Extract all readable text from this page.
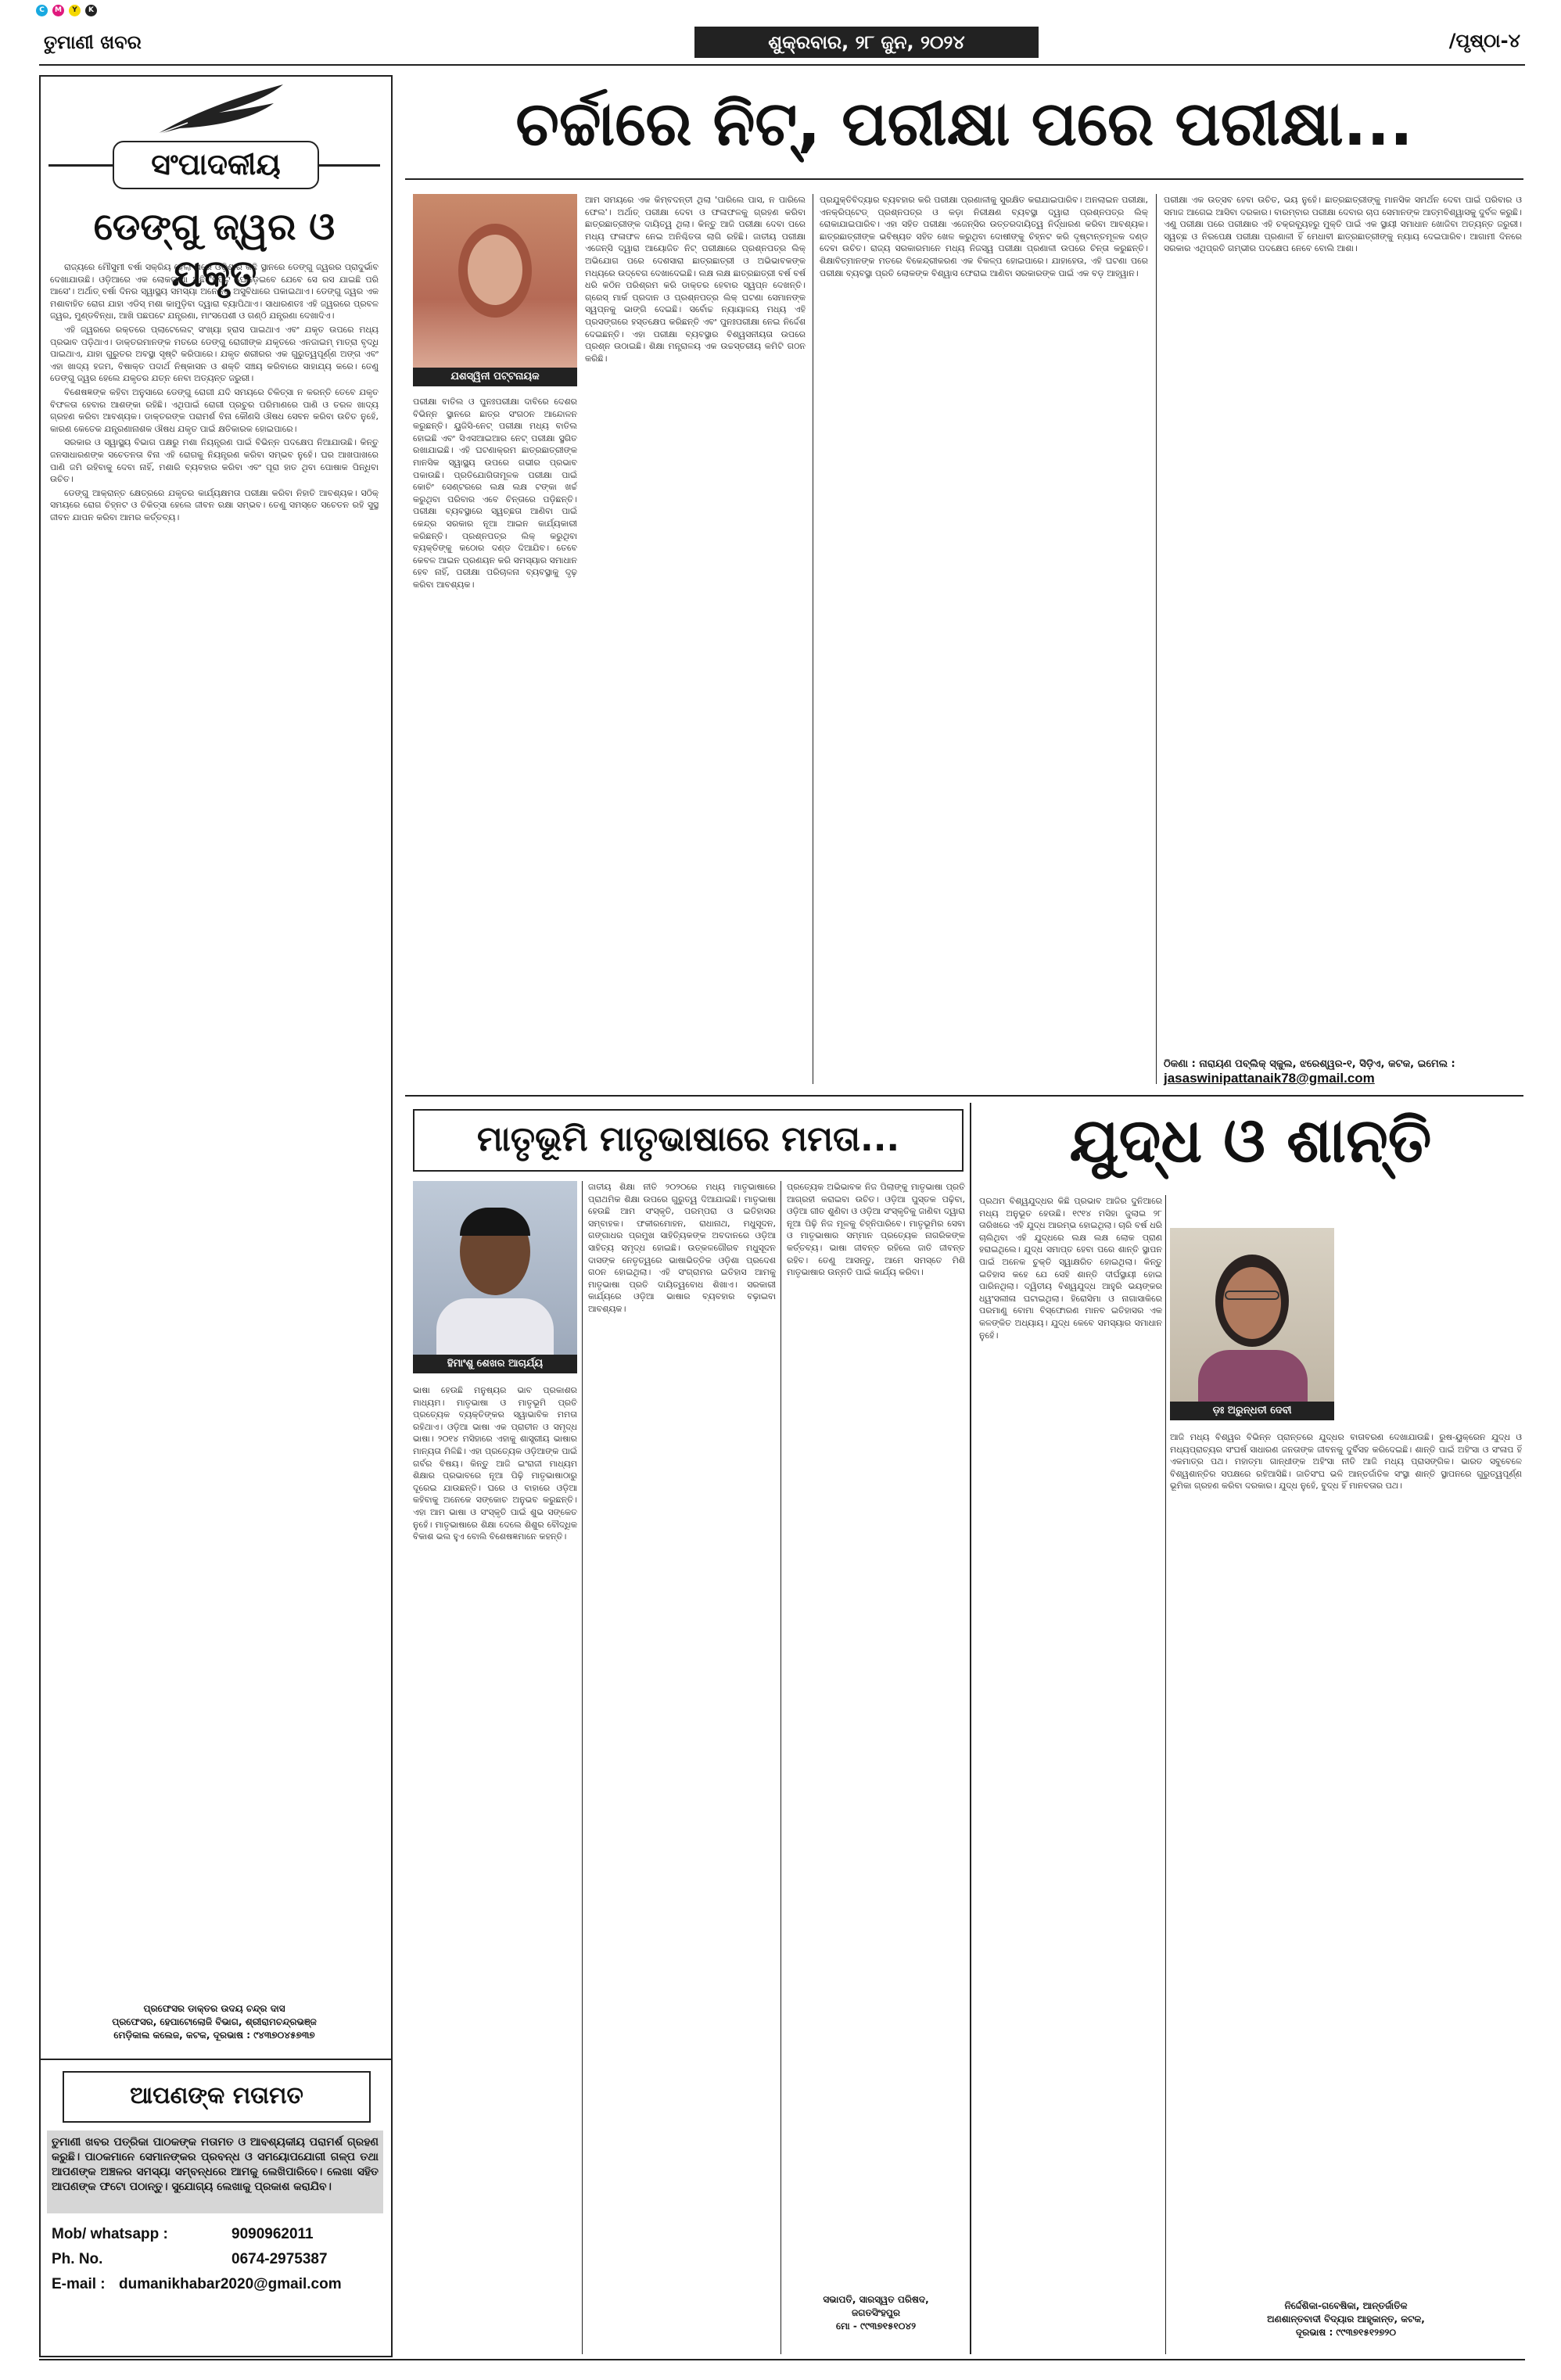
C	M	Y	K
ତୁମାଣୀ ଖବର	ଶୁକ୍ରବାର, ୨୮ ଜୁନ, ୨୦୨୪	/ପୃଷ୍ଠା-୪
ସଂପାଦକୀୟ
ଡେଙ୍ଗୁ ଜ୍ୱର ଓ ଯକୃତ

ରାଜ୍ୟରେ ମୌସୁମୀ ବର୍ଷା ସକ୍ରିୟ ହେଲା ପରେ ଓଡ଼ିଶାର କିଛି ସ୍ଥାନରେ ଡେଙ୍ଗୁ ଜ୍ୱରର ପ୍ରାଦୁର୍ଭାବ ଦେଖାଯାଉଛି। ଓଡ଼ିଆରେ ଏକ ଲୋକଗାଥା ଅଛି 'ନିପଟ ଘୋଡ଼େଇବେ ଯେବେ ସେ ରସ ଯାଇଛି ପରି ଆସେ'। ଅର୍ଥାତ୍ ବର୍ଷା ଦିନର ସ୍ୱାସ୍ଥ୍ୟ ସମସ୍ୟା ଅନେକକୁ ଅସୁବିଧାରେ ପକାଇଥାଏ। ଡେଙ୍ଗୁ ଜ୍ୱର ଏକ ମଶାବାହିତ ରୋଗ ଯାହା ଏଡିସ୍ ମଶା କାମୁଡ଼ିବା ଦ୍ୱାରା ବ୍ୟାପିଥାଏ। ସାଧାରଣତଃ ଏହି ଜ୍ୱରରେ ପ୍ରବଳ ଜ୍ୱର, ମୁଣ୍ଡବିନ୍ଧା, ଆଖି ପଛପଟେ ଯନ୍ତ୍ରଣା, ମାଂସପେଶୀ ଓ ଗଣ୍ଠି ଯନ୍ତ୍ରଣା ଦେଖାଦିଏ।

ଏହି ଜ୍ୱରରେ ରକ୍ତରେ ପ୍ଲାଟେଲେଟ୍ ସଂଖ୍ୟା ହ୍ରାସ ପାଇଥାଏ ଏବଂ ଯକୃତ ଉପରେ ମଧ୍ୟ ପ୍ରଭାବ ପଡ଼ିଥାଏ। ଡାକ୍ତରମାନଙ୍କ ମତରେ ଡେଙ୍ଗୁ ରୋଗୀଙ୍କ ଯକୃତରେ ଏନଜାଇମ୍ ମାତ୍ରା ବୃଦ୍ଧି ପାଇଥାଏ, ଯାହା ଗୁରୁତର ଅବସ୍ଥା ସୃଷ୍ଟି କରିପାରେ। ଯକୃତ ଶରୀରର ଏକ ଗୁରୁତ୍ୱପୂର୍ଣ୍ଣ ଅଙ୍ଗ ଏବଂ ଏହା ଖାଦ୍ୟ ହଜମ, ବିଷାକ୍ତ ପଦାର୍ଥ ନିଷ୍କାସନ ଓ ଶକ୍ତି ସଞ୍ଚୟ କରିବାରେ ସାହାଯ୍ୟ କରେ। ତେଣୁ ଡେଙ୍ଗୁ ଜ୍ୱର ହେଲେ ଯକୃତର ଯତ୍ନ ନେବା ଅତ୍ୟନ୍ତ ଜରୁରୀ।

ବିଶେଷଜ୍ଞଙ୍କ କହିବା ଅନୁସାରେ ଡେଙ୍ଗୁ ରୋଗୀ ଯଦି ସମୟରେ ଚିକିତ୍ସା ନ କରନ୍ତି ତେବେ ଯକୃତ ବିଫଳତା ହେବାର ଆଶଙ୍କା ରହିଛି। ଏଥିପାଇଁ ରୋଗୀ ପ୍ରଚୁର ପରିମାଣରେ ପାଣି ଓ ତରଳ ଖାଦ୍ୟ ଗ୍ରହଣ କରିବା ଆବଶ୍ୟକ। ଡାକ୍ତରଙ୍କ ପରାମର୍ଶ ବିନା କୌଣସି ଔଷଧ ସେବନ କରିବା ଉଚିତ ନୁହେଁ, କାରଣ କେତେକ ଯନ୍ତ୍ରଣାନାଶକ ଔଷଧ ଯକୃତ ପାଇଁ କ୍ଷତିକାରକ ହୋଇପାରେ।

ସରକାର ଓ ସ୍ୱାସ୍ଥ୍ୟ ବିଭାଗ ପକ୍ଷରୁ ମଶା ନିୟନ୍ତ୍ରଣ ପାଇଁ ବିଭିନ୍ନ ପଦକ୍ଷେପ ନିଆଯାଉଛି। କିନ୍ତୁ ଜନସାଧାରଣଙ୍କ ସଚେତନତା ବିନା ଏହି ରୋଗକୁ ନିୟନ୍ତ୍ରଣ କରିବା ସମ୍ଭବ ନୁହେଁ। ଘର ଆଖପାଖରେ ପାଣି ଜମି ରହିବାକୁ ଦେବା ନାହିଁ, ମଶାରି ବ୍ୟବହାର କରିବା ଏବଂ ପୂରା ହାତ ଥିବା ପୋଷାକ ପିନ୍ଧିବା ଉଚିତ।

ଡେଙ୍ଗୁ ଆକ୍ରାନ୍ତ କ୍ଷେତ୍ରରେ ଯକୃତର କାର୍ଯ୍ୟକ୍ଷମତା ପରୀକ୍ଷା କରିବା ନିହାତି ଆବଶ୍ୟକ। ସଠିକ୍ ସମୟରେ ରୋଗ ଚିହ୍ନଟ ଓ ଚିକିତ୍ସା ହେଲେ ଜୀବନ ରକ୍ଷା ସମ୍ଭବ। ତେଣୁ ସମସ୍ତେ ସଚେତନ ରହି ସୁସ୍ଥ ଜୀବନ ଯାପନ କରିବା ଆମର କର୍ତ୍ତବ୍ୟ।

ପ୍ରଫେସର ଡାକ୍ତର ଉଦୟ ଚନ୍ଦ୍ର ଦାସ
ପ୍ରଫେସର, ହେପାଟୋଲୋଜି ବିଭାଗ, ଶ୍ରୀରାମଚନ୍ଦ୍ରଭଞ୍ଜ
ମେଡ଼ିକାଲ କଲେଜ, କଟକ, ଦୂରଭାଷ : ୯୪୩୭୦୪୫୭୩୭
ଆପଣଙ୍କ ମତାମତ
ତୁମାଣୀ ଖବର ପତ୍ରିକା ପାଠକଙ୍କ ମତାମତ ଓ ଆବଶ୍ୟକୀୟ ପରାମର୍ଶ ଗ୍ରହଣ କରୁଛି। ପାଠକମାନେ ସେମାନଙ୍କର ପ୍ରବନ୍ଧ ଓ ସମୟୋପଯୋଗୀ ଗଳ୍ପ ତଥା ଆପଣଙ୍କ ଅଞ୍ଚଳର ସମସ୍ୟା ସମ୍ବନ୍ଧରେ ଆମକୁ ଲେଖିପାରିବେ। ଲେଖା ସହିତ ଆପଣଙ୍କ ଫଟୋ ପଠାନ୍ତୁ। ସୁଯୋଗ୍ୟ ଲେଖାକୁ ପ୍ରକାଶ କରାଯିବ।
Mob/ whatsapp :	9090962011
Ph. No.	0674-2975387
E-mail : dumanikhabar2020@gmail.com
ଚର୍ଚ୍ଚାରେ ନିଟ୍, ପରୀକ୍ଷା ପରେ ପରୀକ୍ଷା...
ଯଶସ୍ୱିନୀ ପଟ୍ଟନାୟକ
ଆମ ସମୟରେ ଏକ କିମ୍ବଦନ୍ତୀ ଥିଲା 'ପାରିଲେ ପାସ, ନ ପାରିଲେ ଫେଲ'। ଅର୍ଥାତ୍ ପରୀକ୍ଷା ଦେବା ଓ ଫଳାଫଳକୁ ଗ୍ରହଣ କରିବା ଛାତ୍ରଛାତ୍ରୀଙ୍କ ଦାୟିତ୍ୱ ଥିଲା। କିନ୍ତୁ ଆଜି ପରୀକ୍ଷା ଦେବା ପରେ ମଧ୍ୟ ଫଳାଫଳ ନେଇ ଅନିଶ୍ଚିତତା ଲାଗି ରହିଛି। ଜାତୀୟ ପରୀକ୍ଷା ଏଜେନ୍ସି ଦ୍ୱାରା ଆୟୋଜିତ ନିଟ୍ ପରୀକ୍ଷାରେ ପ୍ରଶ୍ନପତ୍ର ଲିକ୍ ଅଭିଯୋଗ ପରେ ଦେଶସାରା ଛାତ୍ରଛାତ୍ରୀ ଓ ଅଭିଭାବକଙ୍କ ମଧ୍ୟରେ ଉଦ୍‌ବେଗ ଦେଖାଦେଇଛି। ଲକ୍ଷ ଲକ୍ଷ ଛାତ୍ରଛାତ୍ରୀ ବର୍ଷ ବର୍ଷ ଧରି କଠିନ ପରିଶ୍ରମ କରି ଡାକ୍ତର ହେବାର ସ୍ୱପ୍ନ ଦେଖନ୍ତି। ଗ୍ରେସ୍ ମାର୍କ ପ୍ରଦାନ ଓ ପ୍ରଶ୍ନପତ୍ର ଲିକ୍ ଘଟଣା ସେମାନଙ୍କ ସ୍ୱପ୍ନକୁ ଭାଙ୍ଗି ଦେଇଛି। ସର୍ବୋଚ୍ଚ ନ୍ୟାୟାଳୟ ମଧ୍ୟ ଏହି ପ୍ରସଙ୍ଗରେ ହସ୍ତକ୍ଷେପ କରିଛନ୍ତି ଏବଂ ପୁନଃପରୀକ୍ଷା ନେଇ ନିର୍ଦ୍ଦେଶ ଦେଇଛନ୍ତି। ଏହା ପରୀକ୍ଷା ବ୍ୟବସ୍ଥାର ବିଶ୍ୱସନୀୟତା ଉପରେ ପ୍ରଶ୍ନ ଉଠାଇଛି। ଶିକ୍ଷା ମନ୍ତ୍ରାଳୟ ଏକ ଉଚ୍ଚସ୍ତରୀୟ କମିଟି ଗଠନ କରିଛି।
ପରୀକ୍ଷା ବାତିଲ ଓ ପୁନଃପରୀକ୍ଷା ଦାବିରେ ଦେଶର ବିଭିନ୍ନ ସ୍ଥାନରେ ଛାତ୍ର ସଂଗଠନ ଆନ୍ଦୋଳନ କରୁଛନ୍ତି। ୟୁଜିସି-ନେଟ୍ ପରୀକ୍ଷା ମଧ୍ୟ ବାତିଲ ହୋଇଛି ଏବଂ ସିଏସଆଇଆର ନେଟ୍ ପରୀକ୍ଷା ସ୍ଥଗିତ ରଖାଯାଇଛି। ଏହି ଘଟଣାକ୍ରମ ଛାତ୍ରଛାତ୍ରୀଙ୍କ ମାନସିକ ସ୍ୱାସ୍ଥ୍ୟ ଉପରେ ଗଭୀର ପ୍ରଭାବ ପକାଉଛି। ପ୍ରତିଯୋଗିତାମୂଳକ ପରୀକ୍ଷା ପାଇଁ କୋଚିଂ ସେଣ୍ଟରରେ ଲକ୍ଷ ଲକ୍ଷ ଟଙ୍କା ଖର୍ଚ୍ଚ କରୁଥିବା ପରିବାର ଏବେ ଚିନ୍ତାରେ ପଡ଼ିଛନ୍ତି। ପରୀକ୍ଷା ବ୍ୟବସ୍ଥାରେ ସ୍ୱଚ୍ଛତା ଆଣିବା ପାଇଁ କେନ୍ଦ୍ର ସରକାର ନୂଆ ଆଇନ କାର୍ଯ୍ୟକାରୀ କରିଛନ୍ତି। ପ୍ରଶ୍ନପତ୍ର ଲିକ୍ କରୁଥିବା ବ୍ୟକ୍ତିଙ୍କୁ କଠୋର ଦଣ୍ଡ ଦିଆଯିବ। ତେବେ କେବଳ ଆଇନ ପ୍ରଣୟନ କରି ସମସ୍ୟାର ସମାଧାନ ହେବ ନାହିଁ, ପରୀକ୍ଷା ପରିଚାଳନା ବ୍ୟବସ୍ଥାକୁ ଦୃଢ଼ କରିବା ଆବଶ୍ୟକ।
ପ୍ରଯୁକ୍ତିବିଦ୍ୟାର ବ୍ୟବହାର କରି ପରୀକ୍ଷା ପ୍ରଣାଳୀକୁ ସୁରକ୍ଷିତ କରାଯାଇପାରିବ। ଅନଲାଇନ ପରୀକ୍ଷା, ଏନକ୍ରିପ୍ଟେଡ୍ ପ୍ରଶ୍ନପତ୍ର ଓ କଡ଼ା ନିରୀକ୍ଷଣ ବ୍ୟବସ୍ଥା ଦ୍ୱାରା ପ୍ରଶ୍ନପତ୍ର ଲିକ୍ ରୋକାଯାଇପାରିବ। ଏହା ସହିତ ପରୀକ୍ଷା ଏଜେନ୍ସିର ଉତ୍ତରଦାୟିତ୍ୱ ନିର୍ଦ୍ଧାରଣ କରିବା ଆବଶ୍ୟକ। ଛାତ୍ରଛାତ୍ରୀଙ୍କ ଭବିଷ୍ୟତ ସହିତ ଖେଳ କରୁଥିବା ଦୋଷୀଙ୍କୁ ଚିହ୍ନଟ କରି ଦୃଷ୍ଟାନ୍ତମୂଳକ ଦଣ୍ଡ ଦେବା ଉଚିତ। ରାଜ୍ୟ ସରକାରମାନେ ମଧ୍ୟ ନିଜସ୍ୱ ପରୀକ୍ଷା ପ୍ରଣାଳୀ ଉପରେ ଚିନ୍ତା କରୁଛନ୍ତି। ଶିକ୍ଷାବିତ୍‌ମାନଙ୍କ ମତରେ ବିକେନ୍ଦ୍ରୀକରଣ ଏକ ବିକଳ୍ପ ହୋଇପାରେ। ଯାହାହେଉ, ଏହି ଘଟଣା ପରେ ପରୀକ୍ଷା ବ୍ୟବସ୍ଥା ପ୍ରତି ଲୋକଙ୍କ ବିଶ୍ୱାସ ଫେରାଇ ଆଣିବା ସରକାରଙ୍କ ପାଇଁ ଏକ ବଡ଼ ଆହ୍ୱାନ।
ପରୀକ୍ଷା ଏକ ଉତ୍ସବ ହେବା ଉଚିତ, ଭୟ ନୁହେଁ। ଛାତ୍ରଛାତ୍ରୀଙ୍କୁ ମାନସିକ ସମର୍ଥନ ଦେବା ପାଇଁ ପରିବାର ଓ ସମାଜ ଆଗେଇ ଆସିବା ଦରକାର। ବାରମ୍ବାର ପରୀକ୍ଷା ଦେବାର ଚାପ ସେମାନଙ୍କ ଆତ୍ମବିଶ୍ୱାସକୁ ଦୁର୍ବଳ କରୁଛି। ଏଣୁ ପରୀକ୍ଷା ପରେ ପରୀକ୍ଷାର ଏହି ଚକ୍ରବ୍ୟୂହରୁ ମୁକ୍ତି ପାଇଁ ଏକ ସ୍ଥାୟୀ ସମାଧାନ ଖୋଜିବା ଅତ୍ୟନ୍ତ ଜରୁରୀ। ସ୍ୱଚ୍ଛ ଓ ନିରପେକ୍ଷ ପରୀକ୍ଷା ପ୍ରଣାଳୀ ହିଁ ମେଧାବୀ ଛାତ୍ରଛାତ୍ରୀଙ୍କୁ ନ୍ୟାୟ ଦେଇପାରିବ। ଆଗାମୀ ଦିନରେ ସରକାର ଏଥିପ୍ରତି ଗମ୍ଭୀର ପଦକ୍ଷେପ ନେବେ ବୋଲି ଆଶା।
ଠିକଣା : ନାରାୟଣ ପବ୍ଲିକ୍ ସ୍କୁଲ, ଝରେଶ୍ୱର-୧, ସିଡ଼ିଏ, କଟକ, ଇମେଲ : jasaswinipattanaik78@gmail.com
ମାତୃଭୂମି ମାତୃଭାଷାରେ ମମତା...
ହିମାଂଶୁ ଶେଖର ଆଚାର୍ଯ୍ୟ
ଭାଷା ହେଉଛି ମନୁଷ୍ୟର ଭାବ ପ୍ରକାଶର ମାଧ୍ୟମ। ମାତୃଭାଷା ଓ ମାତୃଭୂମି ପ୍ରତି ପ୍ରତ୍ୟେକ ବ୍ୟକ୍ତିଙ୍କର ସ୍ୱାଭାବିକ ମମତା ରହିଥାଏ। ଓଡ଼ିଆ ଭାଷା ଏକ ପ୍ରାଚୀନ ଓ ସମୃଦ୍ଧ ଭାଷା। ୨୦୧୪ ମସିହାରେ ଏହାକୁ ଶାସ୍ତ୍ରୀୟ ଭାଷାର ମାନ୍ୟତା ମିଳିଛି। ଏହା ପ୍ରତ୍ୟେକ ଓଡ଼ିଆଙ୍କ ପାଇଁ ଗର୍ବର ବିଷୟ। କିନ୍ତୁ ଆଜି ଇଂରାଜୀ ମାଧ୍ୟମ ଶିକ୍ଷାର ପ୍ରଭାବରେ ନୂଆ ପିଢ଼ି ମାତୃଭାଷାଠାରୁ ଦୂରେଇ ଯାଉଛନ୍ତି। ଘରେ ଓ ବାହାରେ ଓଡ଼ିଆ କହିବାକୁ ଅନେକେ ସଙ୍କୋଚ ଅନୁଭବ କରୁଛନ୍ତି। ଏହା ଆମ ଭାଷା ଓ ସଂସ୍କୃତି ପାଇଁ ଶୁଭ ସଙ୍କେତ ନୁହେଁ। ମାତୃଭାଷାରେ ଶିକ୍ଷା ଦେଲେ ଶିଶୁର ବୌଦ୍ଧିକ ବିକାଶ ଭଲ ହୁଏ ବୋଲି ବିଶେଷଜ୍ଞମାନେ କହନ୍ତି।
ଜାତୀୟ ଶିକ୍ଷା ନୀତି ୨୦୨୦ରେ ମଧ୍ୟ ମାତୃଭାଷାରେ ପ୍ରାଥମିକ ଶିକ୍ଷା ଉପରେ ଗୁରୁତ୍ୱ ଦିଆଯାଇଛି। ମାତୃଭାଷା ହେଉଛି ଆମ ସଂସ୍କୃତି, ପରମ୍ପରା ଓ ଇତିହାସର ସମ୍ବାହକ। ଫକୀରମୋହନ, ରାଧାନାଥ, ମଧୁସୂଦନ, ଗଙ୍ଗାଧର ପ୍ରମୁଖ ସାହିତ୍ୟିକଙ୍କ ଅବଦାନରେ ଓଡ଼ିଆ ସାହିତ୍ୟ ସମୃଦ୍ଧ ହୋଇଛି। ଉତ୍କଳଗୌରବ ମଧୁସୂଦନ ଦାସଙ୍କ ନେତୃତ୍ୱରେ ଭାଷାଭିତ୍ତିକ ଓଡ଼ିଶା ପ୍ରଦେଶ ଗଠନ ହୋଇଥିଲା। ଏହି ସଂଗ୍ରାମର ଇତିହାସ ଆମକୁ ମାତୃଭାଷା ପ୍ରତି ଦାୟିତ୍ୱବୋଧ ଶିଖାଏ। ସରକାରୀ କାର୍ଯ୍ୟରେ ଓଡ଼ିଆ ଭାଷାର ବ୍ୟବହାର ବଢ଼ାଇବା ଆବଶ୍ୟକ।
ପ୍ରତ୍ୟେକ ଅଭିଭାବକ ନିଜ ପିଲାଙ୍କୁ ମାତୃଭାଷା ପ୍ରତି ଆଗ୍ରହୀ କରାଇବା ଉଚିତ। ଓଡ଼ିଆ ପୁସ୍ତକ ପଢ଼ିବା, ଓଡ଼ିଆ ଗୀତ ଶୁଣିବା ଓ ଓଡ଼ିଆ ସଂସ୍କୃତିକୁ ଜାଣିବା ଦ୍ୱାରା ନୂଆ ପିଢ଼ି ନିଜ ମୂଳକୁ ଚିହ୍ନିପାରିବେ। ମାତୃଭୂମିର ସେବା ଓ ମାତୃଭାଷାର ସମ୍ମାନ ପ୍ରତ୍ୟେକ ନାଗରିକଙ୍କ କର୍ତ୍ତବ୍ୟ। ଭାଷା ଜୀବନ୍ତ ରହିଲେ ଜାତି ଜୀବନ୍ତ ରହିବ। ତେଣୁ ଆସନ୍ତୁ, ଆମେ ସମସ୍ତେ ମିଶି ମାତୃଭାଷାର ଉନ୍ନତି ପାଇଁ କାର୍ଯ୍ୟ କରିବା।
ସଭାପତି, ସାରସ୍ୱତ ପରିଷଦ,
ଜଗତସିଂହପୁର
ମୋ - ୯୯୩୭୧୫୧୦୪୨
ଯୁଦ୍ଧ ଓ ଶାନ୍ତି
ଡ଼ଃ ଅରୁନ୍ଧତୀ ଦେବୀ
ପ୍ରଥମ ବିଶ୍ୱଯୁଦ୍ଧର କିଛି ପ୍ରଭାବ ଆଜିର ଦୁନିଆରେ ମଧ୍ୟ ଅନୁଭୂତ ହେଉଛି। ୧୯୧୪ ମସିହା ଜୁଲାଇ ୨୮ ତାରିଖରେ ଏହି ଯୁଦ୍ଧ ଆରମ୍ଭ ହୋଇଥିଲା। ଚାରି ବର୍ଷ ଧରି ଚାଲିଥିବା ଏହି ଯୁଦ୍ଧରେ ଲକ୍ଷ ଲକ୍ଷ ଲୋକ ପ୍ରାଣ ହରାଇଥିଲେ। ଯୁଦ୍ଧ ସମାପ୍ତ ହେବା ପରେ ଶାନ୍ତି ସ୍ଥାପନ ପାଇଁ ଅନେକ ଚୁକ୍ତି ସ୍ୱାକ୍ଷରିତ ହୋଇଥିଲା। କିନ୍ତୁ ଇତିହାସ କହେ ଯେ ସେହି ଶାନ୍ତି ଦୀର୍ଘସ୍ଥାୟୀ ହୋଇ ପାରିନଥିଲା। ଦ୍ୱିତୀୟ ବିଶ୍ୱଯୁଦ୍ଧ ଆହୁରି ଭୟଙ୍କର ଧ୍ୱଂସଲୀଳା ଘଟାଇଥିଲା। ହିରୋସିମା ଓ ନାଗାସାକିରେ ପରମାଣୁ ବୋମା ବିସ୍ଫୋରଣ ମାନବ ଇତିହାସର ଏକ କଳଙ୍କିତ ଅଧ୍ୟାୟ। ଯୁଦ୍ଧ କେବେ ସମସ୍ୟାର ସମାଧାନ ନୁହେଁ।
ଆଜି ମଧ୍ୟ ବିଶ୍ୱର ବିଭିନ୍ନ ପ୍ରାନ୍ତରେ ଯୁଦ୍ଧର ବାତାବରଣ ଦେଖାଯାଉଛି। ରୁଷ-ୟୁକ୍ରେନ ଯୁଦ୍ଧ ଓ ମଧ୍ୟପ୍ରାଚ୍ୟର ସଂଘର୍ଷ ସାଧାରଣ ଜନତାଙ୍କ ଜୀବନକୁ ଦୁର୍ବିସହ କରିଦେଇଛି। ଶାନ୍ତି ପାଇଁ ଅହିଂସା ଓ ସଂଳାପ ହିଁ ଏକମାତ୍ର ପଥ। ମହାତ୍ମା ଗାନ୍ଧୀଙ୍କ ଅହିଂସା ନୀତି ଆଜି ମଧ୍ୟ ପ୍ରାସଙ୍ଗିକ। ଭାରତ ସବୁବେଳେ ବିଶ୍ୱଶାନ୍ତିର ସପକ୍ଷରେ ରହିଆସିଛି। ଜାତିସଂଘ ଭଳି ଆନ୍ତର୍ଜାତିକ ସଂସ୍ଥା ଶାନ୍ତି ସ୍ଥାପନରେ ଗୁରୁତ୍ୱପୂର୍ଣ୍ଣ ଭୂମିକା ଗ୍ରହଣ କରିବା ଦରକାର। ଯୁଦ୍ଧ ନୁହେଁ, ବୁଦ୍ଧ ହିଁ ମାନବତାର ପଥ।
ନିର୍ଦ୍ଦେଶିକା-ଗବେଷିକା, ଆନ୍ତର୍ଜାତିକ
ଅଣଶାନ୍ତବାଦୀ ବିଦ୍ୟାର ଆହୃକାନ୍ତ, କଟକ,
ଦୂରଭାଷ : ୯୯୩୭୧୫୧୨୭୨୦
